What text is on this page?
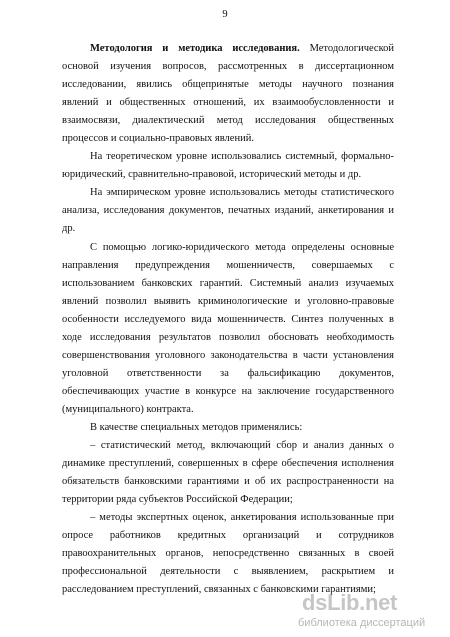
9

Методология и методика исследования. Методологической основой изучения вопросов, рассмотренных в диссертационном исследовании, явились общепринятые методы научного познания явлений и общественных отношений, их взаимообусловленности и взаимосвязи, диалектический метод исследования общественных процессов и социально-правовых явлений.

На теоретическом уровне использовались системный, формально-юридический, сравнительно-правовой, исторический методы и др.

На эмпирическом уровне использовались методы статистического анализа, исследования документов, печатных изданий, анкетирования и др.

С помощью логико-юридического метода определены основные направления предупреждения мошенничеств, совершаемых с использованием банковских гарантий. Системный анализ изучаемых явлений позволил выявить криминологические и уголовно-правовые особенности исследуемого вида мошенничеств. Синтез полученных в ходе исследования результатов позволил обосновать необходимость совершенствования уголовного законодательства в части установления уголовной ответственности за фальсификацию документов, обеспечивающих участие в конкурсе на заключение государственного (муниципального) контракта.

В качестве специальных методов применялись:

– статистический метод, включающий сбор и анализ данных о динамике преступлений, совершенных в сфере обеспечения исполнения обязательств банковскими гарантиями и об их распространенности на территории ряда субъектов Российской Федерации;

– методы экспертных оценок, анкетирования использованные при опросе работников кредитных организаций и сотрудников правоохранительных органов, непосредственно связанных в своей профессиональной деятельности с выявлением, раскрытием и расследованием преступлений, связанных с банковскими гарантиями;

dsLib.net
библиотека диссертаций
